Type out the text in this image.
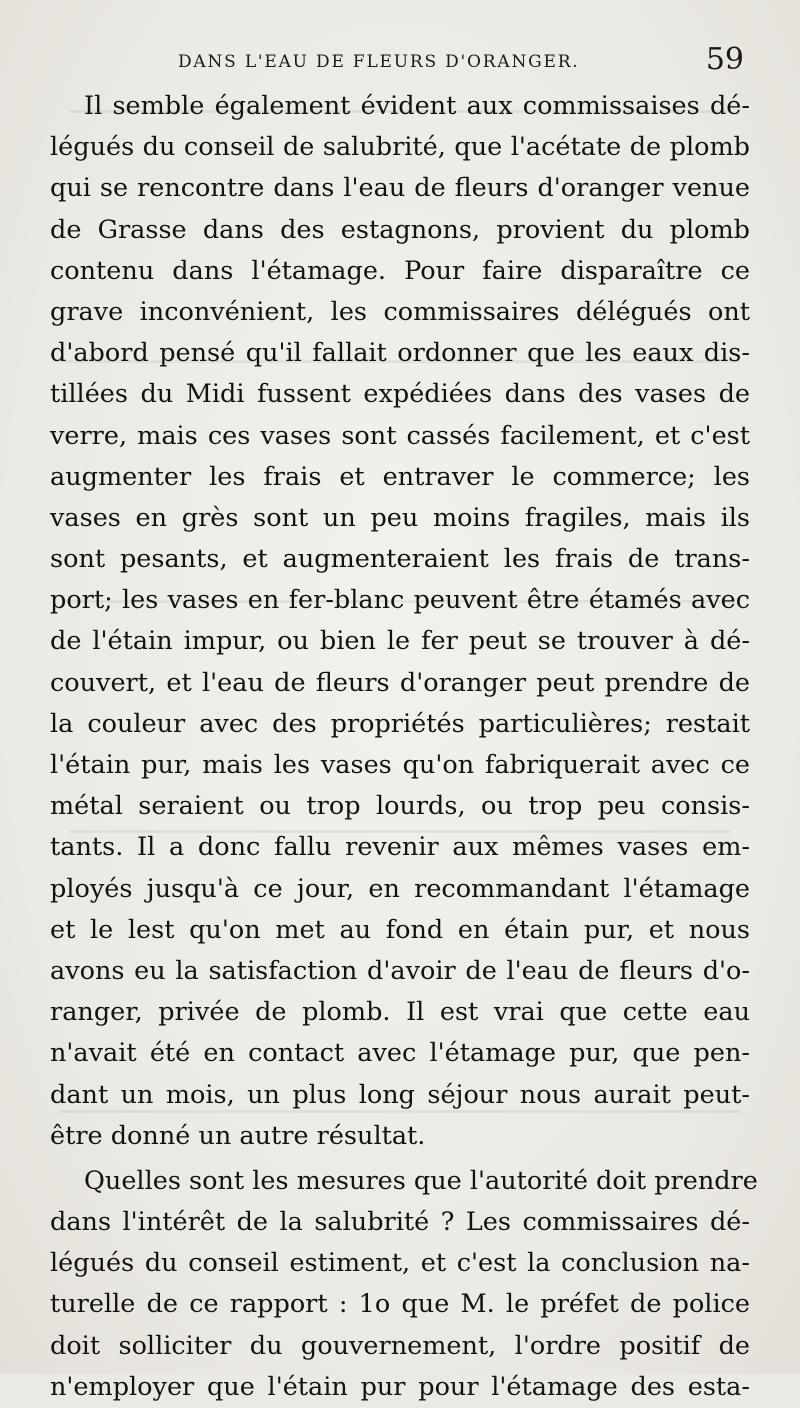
DANS L'EAU DE FLEURS D'ORANGER.	59
Il semble également évident aux commissaises dé-
légués du conseil de salubrité, que l'acétate de plomb
qui se rencontre dans l'eau de fleurs d'oranger venue
de Grasse dans des estagnons, provient du plomb
contenu dans l'étamage. Pour faire disparaître ce
grave inconvénient, les commissaires délégués ont
d'abord pensé qu'il fallait ordonner que les eaux dis-
tillées du Midi fussent expédiées dans des vases de
verre, mais ces vases sont cassés facilement, et c'est
augmenter les frais et entraver le commerce; les
vases en grès sont un peu moins fragiles, mais ils
sont pesants, et augmenteraient les frais de trans-
port; les vases en fer-blanc peuvent être étamés avec
de l'étain impur, ou bien le fer peut se trouver à dé-
couvert, et l'eau de fleurs d'oranger peut prendre de
la couleur avec des propriétés particulières; restait
l'étain pur, mais les vases qu'on fabriquerait avec ce
métal seraient ou trop lourds, ou trop peu consis-
tants. Il a donc fallu revenir aux mêmes vases em-
ployés jusqu'à ce jour, en recommandant l'étamage
et le lest qu'on met au fond en étain pur, et nous
avons eu la satisfaction d'avoir de l'eau de fleurs d'o-
ranger, privée de plomb. Il est vrai que cette eau
n'avait été en contact avec l'étamage pur, que pen-
dant un mois, un plus long séjour nous aurait peut-
être donné un autre résultat.
Quelles sont les mesures que l'autorité doit prendre
dans l'intérêt de la salubrité ? Les commissaires dé-
légués du conseil estiment, et c'est la conclusion na-
turelle de ce rapport : 1o que M. le préfet de police
doit solliciter du gouvernement, l'ordre positif de
n'employer que l'étain pur pour l'étamage des esta-
